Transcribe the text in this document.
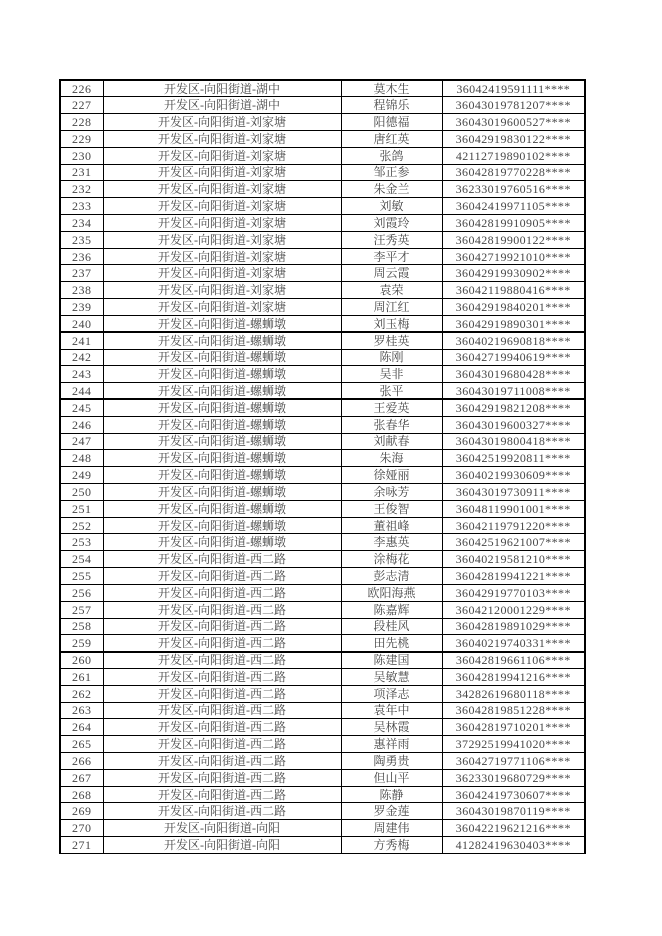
226	开发区-向阳街道-湖中	莫木生	36042419591111****
227	开发区-向阳街道-湖中	程锦乐	36043019781207****
228	开发区-向阳街道-刘家塘	阳德福	36043019600527****
229	开发区-向阳街道-刘家塘	唐红英	36042919830122****
230	开发区-向阳街道-刘家塘	张鸽	42112719890102****
231	开发区-向阳街道-刘家塘	邹正参	36042819770228****
232	开发区-向阳街道-刘家塘	朱金兰	36233019760516****
233	开发区-向阳街道-刘家塘	刘敏	36042419971105****
234	开发区-向阳街道-刘家塘	刘霞玲	36042819910905****
235	开发区-向阳街道-刘家塘	汪秀英	36042819900122****
236	开发区-向阳街道-刘家塘	李平才	36042719921010****
237	开发区-向阳街道-刘家塘	周云霞	36042919930902****
238	开发区-向阳街道-刘家塘	袁荣	36042119880416****
239	开发区-向阳街道-刘家塘	周江红	36042919840201****
240	开发区-向阳街道-螺蛳墩	刘玉梅	36042919890301****
241	开发区-向阳街道-螺蛳墩	罗桂英	36040219690818****
242	开发区-向阳街道-螺蛳墩	陈刚	36042719940619****
243	开发区-向阳街道-螺蛳墩	吴非	36043019680428****
244	开发区-向阳街道-螺蛳墩	张平	36043019711008****
245	开发区-向阳街道-螺蛳墩	王爱英	36042919821208****
246	开发区-向阳街道-螺蛳墩	张春华	36043019600327****
247	开发区-向阳街道-螺蛳墩	刘献春	36043019800418****
248	开发区-向阳街道-螺蛳墩	朱海	36042519920811****
249	开发区-向阳街道-螺蛳墩	徐娅丽	36040219930609****
250	开发区-向阳街道-螺蛳墩	余咏芳	36043019730911****
251	开发区-向阳街道-螺蛳墩	王俊智	36048119901001****
252	开发区-向阳街道-螺蛳墩	董祖峰	36042119791220****
253	开发区-向阳街道-螺蛳墩	李惠英	36042519621007****
254	开发区-向阳街道-西二路	涂梅花	36040219581210****
255	开发区-向阳街道-西二路	彭志清	36042819941221****
256	开发区-向阳街道-西二路	欧阳海燕	36042919770103****
257	开发区-向阳街道-西二路	陈嘉辉	36042120001229****
258	开发区-向阳街道-西二路	段桂风	36042819891029****
259	开发区-向阳街道-西二路	田先桃	36040219740331****
260	开发区-向阳街道-西二路	陈建国	36042819661106****
261	开发区-向阳街道-西二路	吴敏慧	36042819941216****
262	开发区-向阳街道-西二路	项泽志	34282619680118****
263	开发区-向阳街道-西二路	袁年中	36042819851228****
264	开发区-向阳街道-西二路	吴林霞	36042819710201****
265	开发区-向阳街道-西二路	惠祥雨	37292519941020****
266	开发区-向阳街道-西二路	陶勇贵	36042719771106****
267	开发区-向阳街道-西二路	但山平	36233019680729****
268	开发区-向阳街道-西二路	陈静	36042419730607****
269	开发区-向阳街道-西二路	罗金莲	36043019870119****
270	开发区-向阳街道-向阳	周建伟	36042219621216****
271	开发区-向阳街道-向阳	方秀梅	41282419630403****
